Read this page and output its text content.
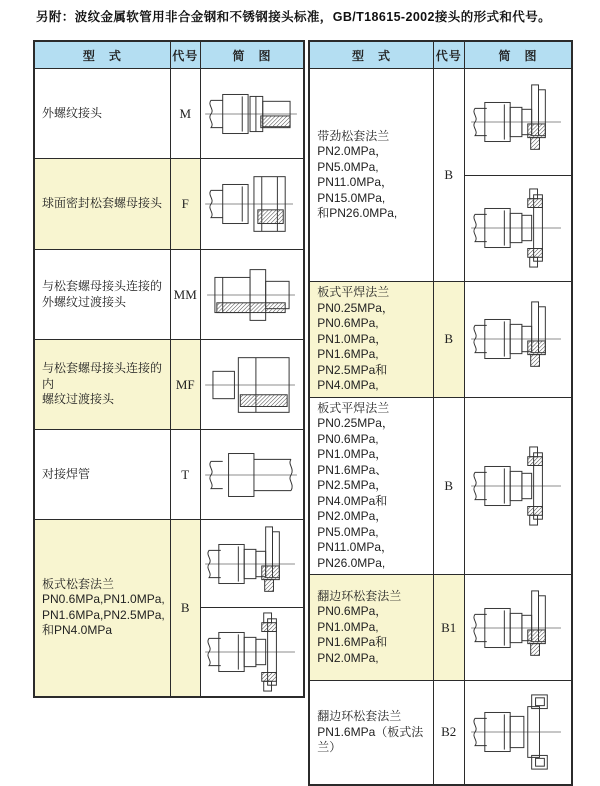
另附：波纹金属软管用非合金钢和不锈钢接头标准，GB/T18615-2002接头的形式和代号。

型　式	代号	简　图

外螺纹接头	M	

球面密封松套螺母接头	F	

与松套螺母接头连接的
外螺纹过渡接头	MM	

与松套螺母接头连接的内
螺纹过渡接头	MF	

对接焊管	T	

板式松套法兰
PN0.6MPa,PN1.0MPa,
PN1.6MPa,PN2.5MPa,
和PN4.0MPa	B	
型　式	代号	简　图

带劲松套法兰
PN2.0MPa，PN5.0MPa,
PN11.0MPa，PN15.0MPa,
和PN26.0MPa,	B	

板式平焊法兰
PN0.25MPa，PN0.6MPa,
PN1.0MPa，PN1.6MPa,
PN2.5MPa和PN4.0MPa,	B	

板式平焊法兰
PN0.25MPa，PN0.6MPa,
PN1.0MPa，PN1.6MPa、
PN2.5MPa，PN4.0MPa和
PN2.0MPa，PN5.0MPa,
PN11.0MPa，PN26.0MPa,
	B	

翻边环松套法兰
PN0.6MPa，PN1.0MPa,
PN1.6MPa和PN2.0MPa,	B1	

翻边环松套法兰
PN1.6MPa（板式法兰）	B2	
